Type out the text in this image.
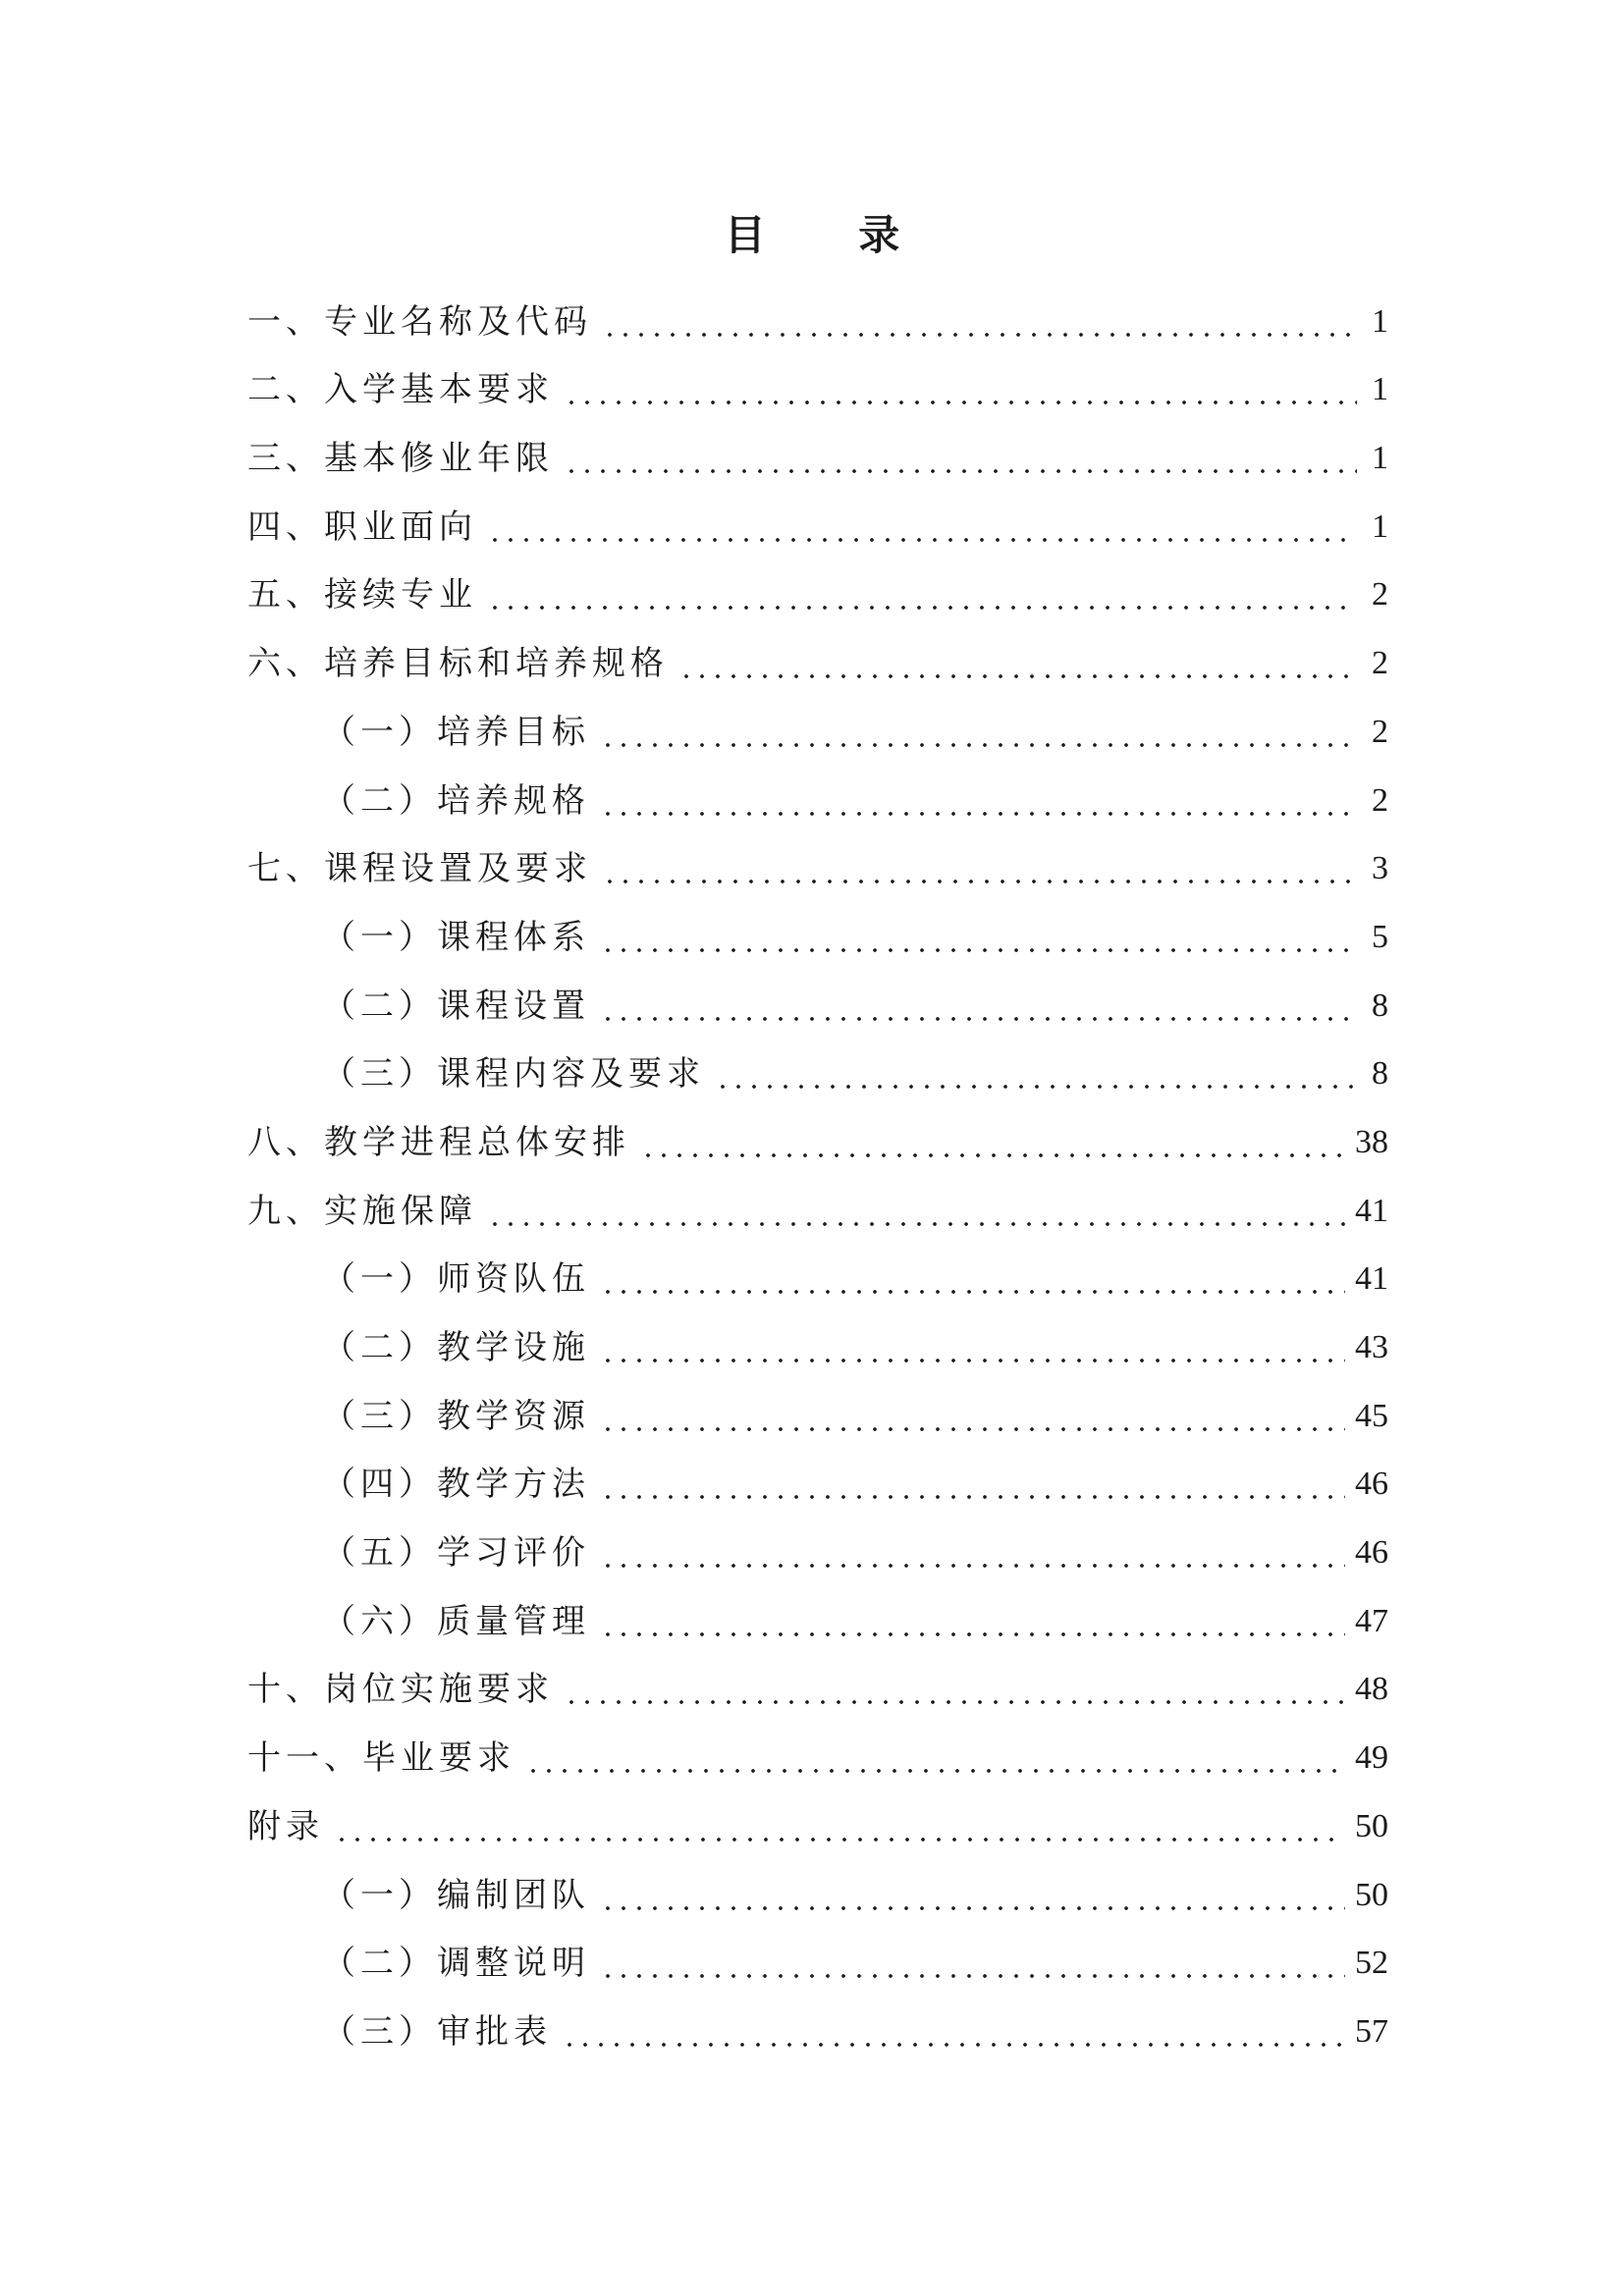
目 录
一、专业名称及代码	1
二、入学基本要求	1
三、基本修业年限	1
四、职业面向	1
五、接续专业	2
六、培养目标和培养规格	2
（一）培养目标	2
（二）培养规格	2
七、课程设置及要求	3
（一）课程体系	5
（二）课程设置	8
（三）课程内容及要求	8
八、教学进程总体安排	38
九、实施保障	41
（一）师资队伍	41
（二）教学设施	43
（三）教学资源	45
（四）教学方法	46
（五）学习评价	46
（六）质量管理	47
十、岗位实施要求	48
十一、毕业要求	49
附录	50
（一）编制团队	50
（二）调整说明	52
（三）审批表	57
